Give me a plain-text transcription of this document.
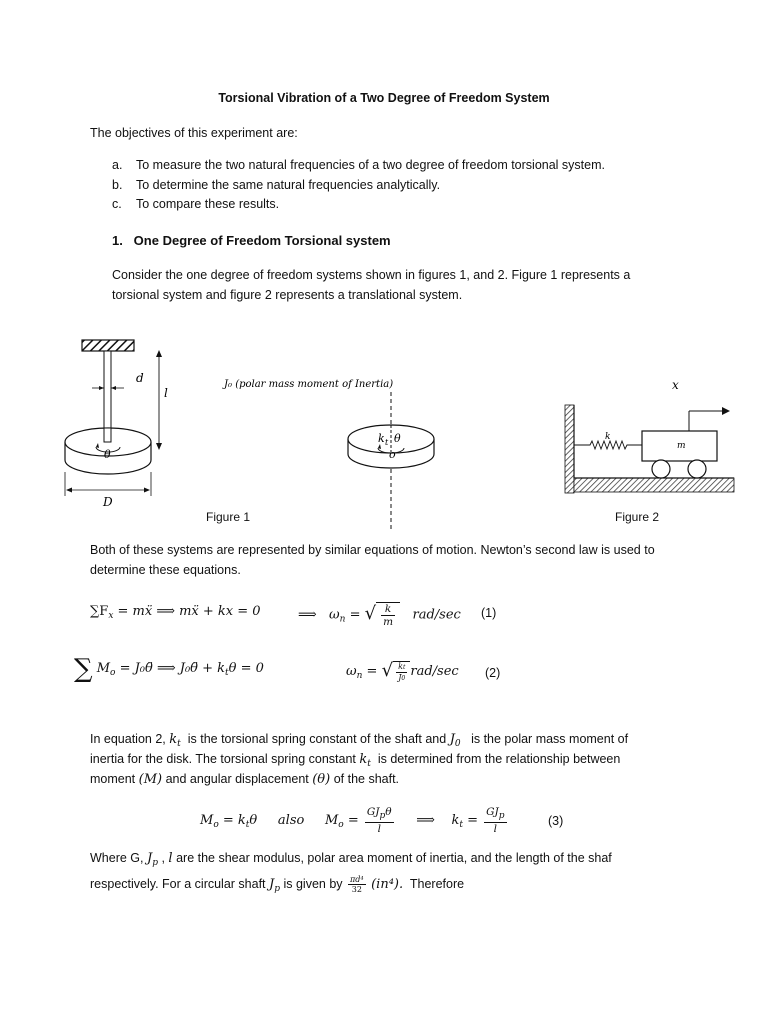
Torsional Vibration of a Two Degree of Freedom System
The objectives of this experiment are:
a. To measure the two natural frequencies of a two degree of freedom torsional system.
b. To determine the same natural frequencies analytically.
c. To compare these results.
1.   One Degree of Freedom Torsional system
Consider the one degree of freedom systems shown in figures 1, and 2. Figure 1 represents a
torsional system and figure 2 represents a translational system.
d
l
θ
D
J₀ (polar mass moment of Inertia)
k t θ
o
x
k
m
Figure 1	Figure 2
Both of these systems are represented by similar equations of motion. Newton’s second law is used to
determine these equations.
$\sum F_x$ = mẍ ⟹ mẍ + kx = 0	⟹ $\omega_n$ = √ $\frac{k}{m} rad/\sec$ (1)
∑ $M_o$ = J₀θ̈ ⟹ J₀θ̈ + $k_t\theta = 0$	$\omega_n$ = √ $\frac{kt}{J0} rad/\sec$ (2)
In equation 2, $k_t$ is the torsional spring constant of the shaft and $J_0$ is the polar mass moment of
inertia for the disk. The torsional spring constant $k_t$ is determined from the relationship between
moment (M) and angular displacement (θ) of the shaft.
$M_o = k_t\theta$ also $M_o = \frac{\text{GJpθ}}{l}$ ⟹ $k_t = \frac{\text{GJp}}{l}$	(3)
Where G, $J_p$ , l are the shear modulus, polar area moment of inertia, and the length of the shaf
respectively. For a circular shaft $J_p$ is given by $\frac{\text{πd⁴}}{32} (in^4)$. Therefore
